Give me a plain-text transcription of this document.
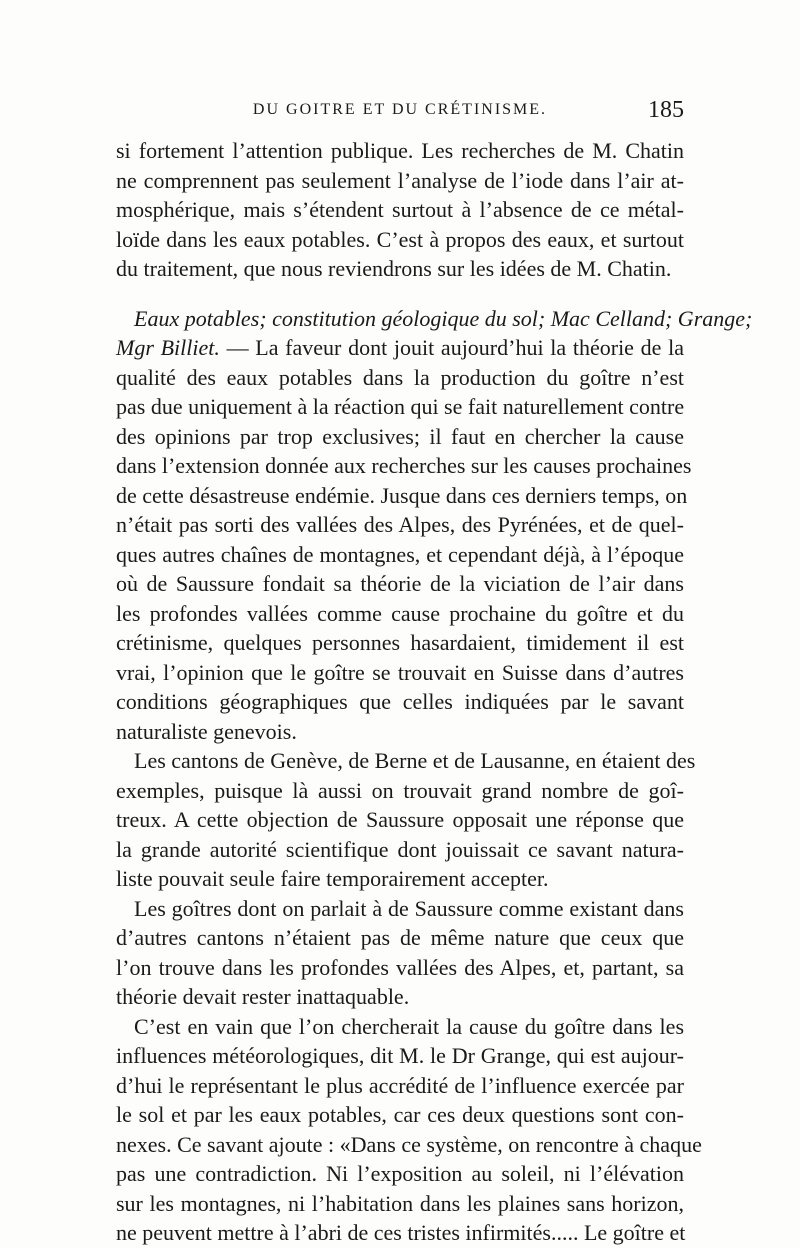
DU GOITRE ET DU CRÉTINISME.	185
si fortement l’attention publique. Les recherches de M. Chatin
ne comprennent pas seulement l’analyse de l’iode dans l’air at-
mosphérique, mais s’étendent surtout à l’absence de ce métal-
loïde dans les eaux potables. C’est à propos des eaux, et surtout
du traitement, que nous reviendrons sur les idées de M. Chatin.
Eaux potables; constitution géologique du sol; Mac Celland; Grange;
Mgr Billiet. — La faveur dont jouit aujourd’hui la théorie de la
qualité des eaux potables dans la production du goître n’est
pas due uniquement à la réaction qui se fait naturellement contre
des opinions par trop exclusives; il faut en chercher la cause
dans l’extension donnée aux recherches sur les causes prochaines
de cette désastreuse endémie. Jusque dans ces derniers temps, on
n’était pas sorti des vallées des Alpes, des Pyrénées, et de quel-
ques autres chaînes de montagnes, et cependant déjà, à l’époque
où de Saussure fondait sa théorie de la viciation de l’air dans
les profondes vallées comme cause prochaine du goître et du
crétinisme, quelques personnes hasardaient, timidement il est
vrai, l’opinion que le goître se trouvait en Suisse dans d’autres
conditions géographiques que celles indiquées par le savant
naturaliste genevois.
Les cantons de Genève, de Berne et de Lausanne, en étaient des
exemples, puisque là aussi on trouvait grand nombre de goî-
treux. A cette objection de Saussure opposait une réponse que
la grande autorité scientifique dont jouissait ce savant natura-
liste pouvait seule faire temporairement accepter.
Les goîtres dont on parlait à de Saussure comme existant dans
d’autres cantons n’étaient pas de même nature que ceux que
l’on trouve dans les profondes vallées des Alpes, et, partant, sa
théorie devait rester inattaquable.
C’est en vain que l’on chercherait la cause du goître dans les
influences météorologiques, dit M. le Dr Grange, qui est aujour-
d’hui le représentant le plus accrédité de l’influence exercée par
le sol et par les eaux potables, car ces deux questions sont con-
nexes. Ce savant ajoute : «Dans ce système, on rencontre à chaque
pas une contradiction. Ni l’exposition au soleil, ni l’élévation
sur les montagnes, ni l’habitation dans les plaines sans horizon,
ne peuvent mettre à l’abri de ces tristes infirmités..... Le goître et
